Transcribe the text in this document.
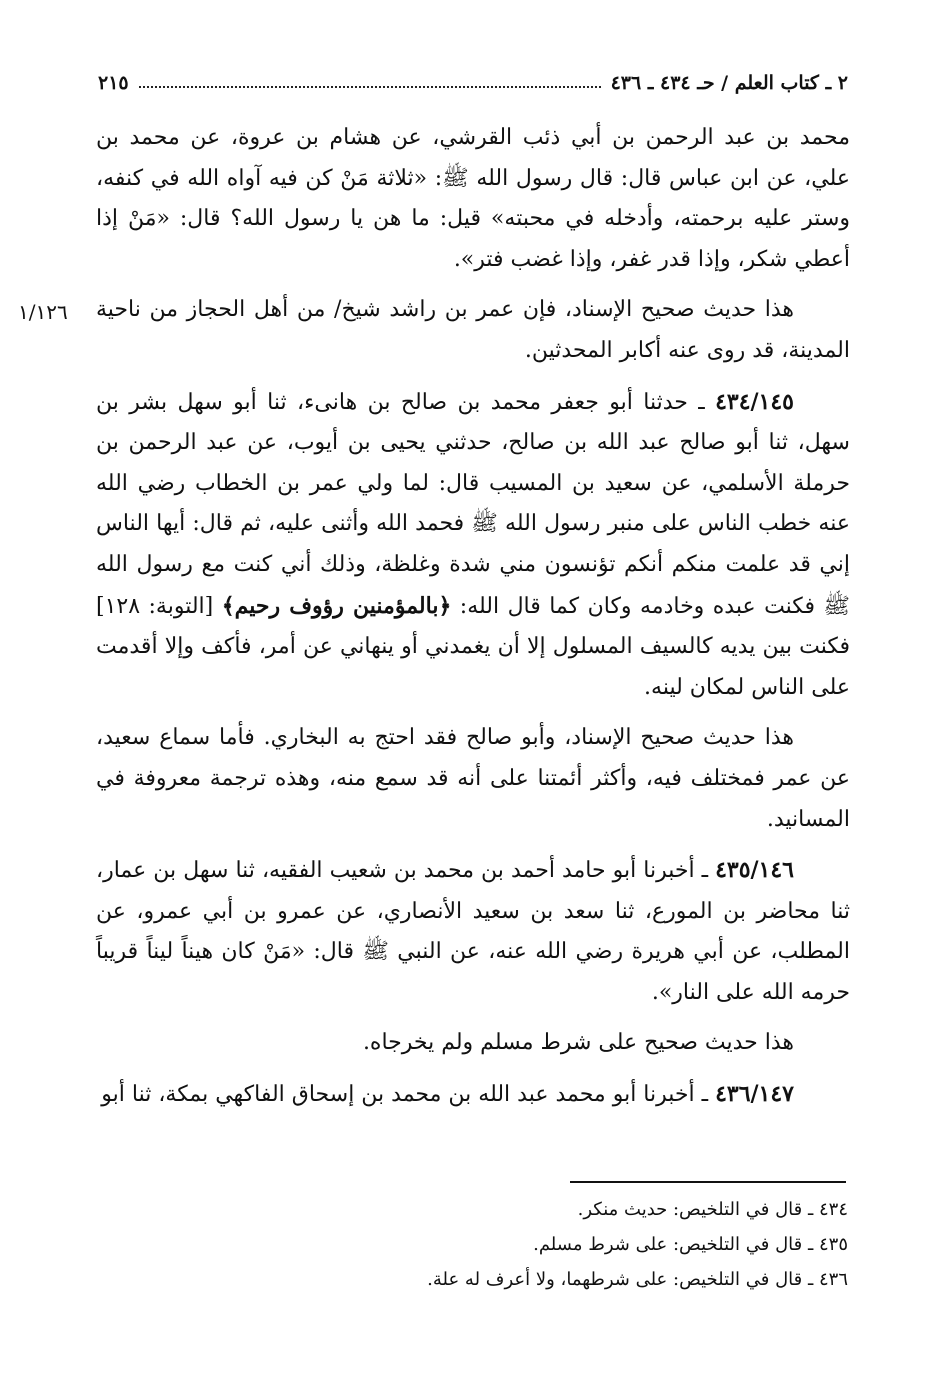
٢ ـ كتاب العلم / حـ ٤٣٤ ـ ٤٣٦
٢١٥
١/١٢٦

محمد بن عبد الرحمن بن أبي ذئب القرشي، عن هشام بن عروة، عن محمد بن علي، عن ابن عباس قال: قال رسول الله ﷺ: «ثلاثة مَنْ كن فيه آواه الله في كنفه، وستر عليه برحمته، وأدخله في محبته» قيل: ما هن يا رسول الله؟ قال: «مَنْ إذا أعطي شكر، وإذا قدر غفر، وإذا غضب فتر».

هذا حديث صحيح الإسناد، فإن عمر بن راشد شيخ/ من أهل الحجاز من ناحية المدينة، قد روى عنه أكابر المحدثين.

٤٣٤/١٤٥ ـ حدثنا أبو جعفر محمد بن صالح بن هانىء، ثنا أبو سهل بشر بن سهل، ثنا أبو صالح عبد الله بن صالح، حدثني يحيى بن أيوب، عن عبد الرحمن بن حرملة الأسلمي، عن سعيد بن المسيب قال: لما ولي عمر بن الخطاب رضي الله عنه خطب الناس على منبر رسول الله ﷺ فحمد الله وأثنى عليه، ثم قال: أيها الناس إني قد علمت منكم أنكم تؤنسون مني شدة وغلظة، وذلك أني كنت مع رسول الله ﷺ فكنت عبده وخادمه وكان كما قال الله: ﴿بالمؤمنين رؤوف رحيم﴾ [التوبة: ١٢٨] فكنت بين يديه كالسيف المسلول إلا أن يغمدني أو ينهاني عن أمر، فأكف وإلا أقدمت على الناس لمكان لينه.

هذا حديث صحيح الإسناد، وأبو صالح فقد احتج به البخاري. فأما سماع سعيد، عن عمر فمختلف فيه، وأكثر أئمتنا على أنه قد سمع منه، وهذه ترجمة معروفة في المسانيد.

٤٣٥/١٤٦ ـ أخبرنا أبو حامد أحمد بن محمد بن شعيب الفقيه، ثنا سهل بن عمار، ثنا محاضر بن المورع، ثنا سعد بن سعيد الأنصاري، عن عمرو بن أبي عمرو، عن المطلب، عن أبي هريرة رضي الله عنه، عن النبي ﷺ قال: «مَنْ كان هيناً ليناً قريباً حرمه الله على النار».

هذا حديث صحيح على شرط مسلم ولم يخرجاه.

٤٣٦/١٤٧ ـ أخبرنا أبو محمد عبد الله بن محمد بن إسحاق الفاكهي بمكة، ثنا أبو

٤٣٤ ـ قال في التلخيص: حديث منكر.
٤٣٥ ـ قال في التلخيص: على شرط مسلم.
٤٣٦ ـ قال في التلخيص: على شرطهما، ولا أعرف له علة.
